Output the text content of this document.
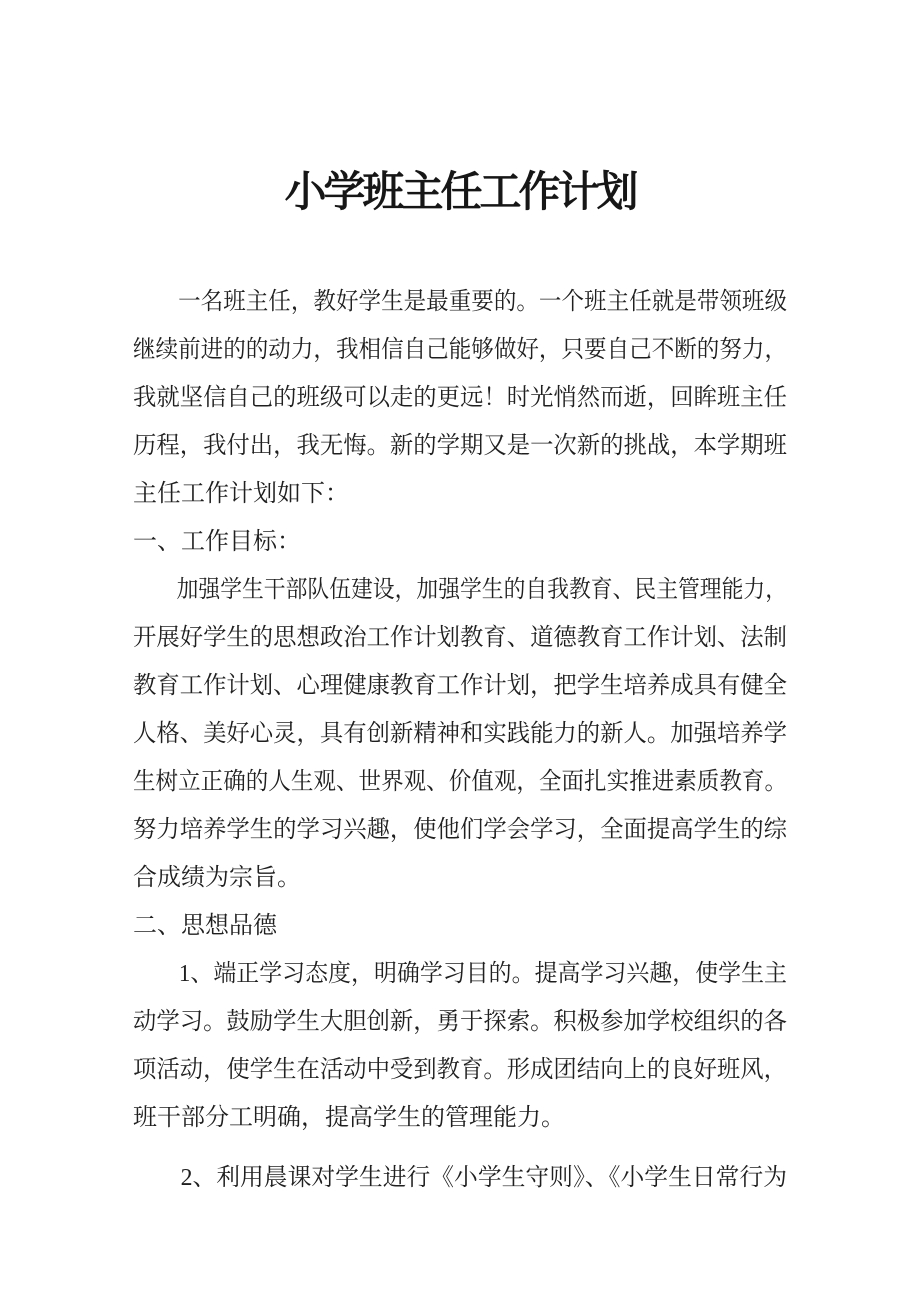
小学班主任工作计划
　　一名班主任，教好学生是最重要的。一个班主任就是带领班级
继续前进的的动力，我相信自己能够做好，只要自己不断的努力，
我就坚信自己的班级可以走的更远！时光悄然而逝，回眸班主任
历程，我付出，我无悔。新的学期又是一次新的挑战，本学期班
主任工作计划如下：
一、工作目标：
　　加强学生干部队伍建设，加强学生的自我教育、民主管理能力，
开展好学生的思想政治工作计划教育、道德教育工作计划、法制
教育工作计划、心理健康教育工作计划，把学生培养成具有健全
人格、美好心灵，具有创新精神和实践能力的新人。加强培养学
生树立正确的人生观、世界观、价值观，全面扎实推进素质教育。
努力培养学生的学习兴趣，使他们学会学习，全面提高学生的综
合成绩为宗旨。
二、思想品德
　　1、端正学习态度，明确学习目的。提高学习兴趣，使学生主
动学习。鼓励学生大胆创新，勇于探索。积极参加学校组织的各
项活动，使学生在活动中受到教育。形成团结向上的良好班风，
班干部分工明确，提高学生的管理能力。
　　2、利用晨课对学生进行《小学生守则》、《小学生日常行为
